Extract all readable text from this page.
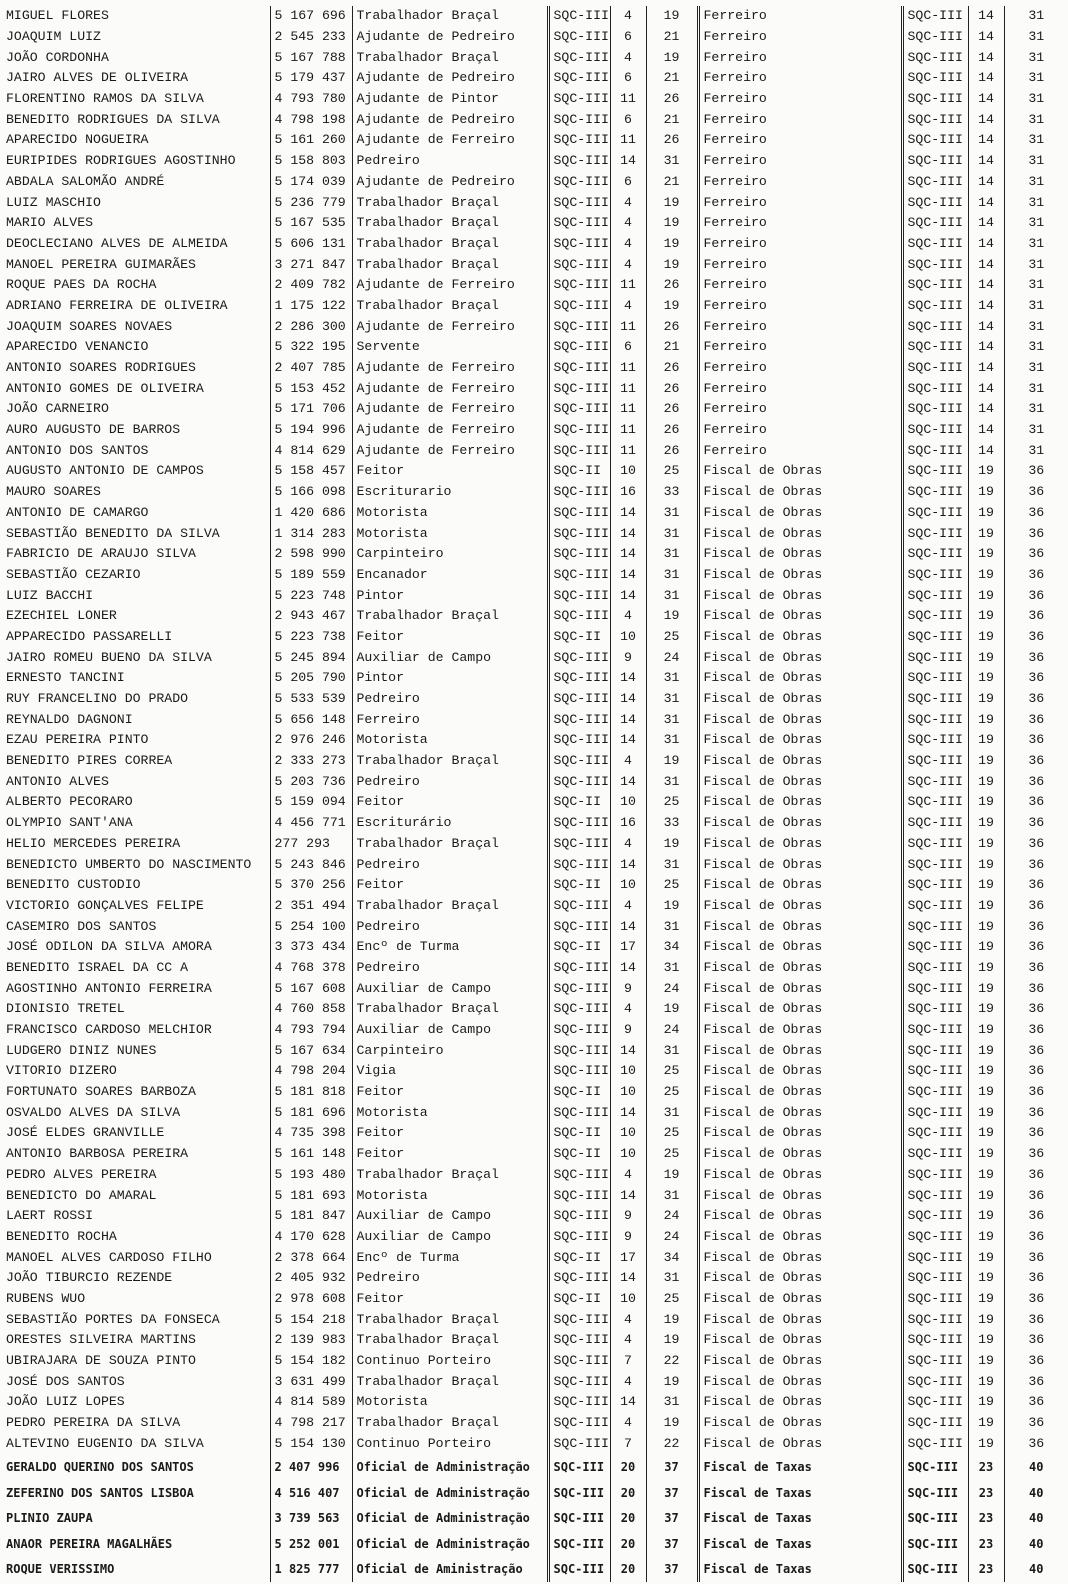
MIGUEL FLORES	5 167 696	Trabalhador Braçal	SQC-III	4	19	Ferreiro	SQC-III	14	31
JOAQUIM LUIZ	2 545 233	Ajudante de Pedreiro	SQC-III	6	21	Ferreiro	SQC-III	14	31
JOÃO CORDONHA	5 167 788	Trabalhador Braçal	SQC-III	4	19	Ferreiro	SQC-III	14	31
JAIRO ALVES DE OLIVEIRA	5 179 437	Ajudante de Pedreiro	SQC-III	6	21	Ferreiro	SQC-III	14	31
FLORENTINO RAMOS DA SILVA	4 793 780	Ajudante de Pintor	SQC-III	11	26	Ferreiro	SQC-III	14	31
BENEDITO RODRIGUES DA SILVA	4 798 198	Ajudante de Pedreiro	SQC-III	6	21	Ferreiro	SQC-III	14	31
APARECIDO NOGUEIRA	5 161 260	Ajudante de Ferreiro	SQC-III	11	26	Ferreiro	SQC-III	14	31
EURIPIDES RODRIGUES AGOSTINHO	5 158 803	Pedreiro	SQC-III	14	31	Ferreiro	SQC-III	14	31
ABDALA SALOMÃO ANDRÉ	5 174 039	Ajudante de Pedreiro	SQC-III	6	21	Ferreiro	SQC-III	14	31
LUIZ MASCHIO	5 236 779	Trabalhador Braçal	SQC-III	4	19	Ferreiro	SQC-III	14	31
MARIO ALVES	5 167 535	Trabalhador Braçal	SQC-III	4	19	Ferreiro	SQC-III	14	31
DEOCLECIANO ALVES DE ALMEIDA	5 606 131	Trabalhador Braçal	SQC-III	4	19	Ferreiro	SQC-III	14	31
MANOEL PEREIRA GUIMARÃES	3 271 847	Trabalhador Braçal	SQC-III	4	19	Ferreiro	SQC-III	14	31
ROQUE PAES DA ROCHA	2 409 782	Ajudante de Ferreiro	SQC-III	11	26	Ferreiro	SQC-III	14	31
ADRIANO FERREIRA DE OLIVEIRA	1 175 122	Trabalhador Braçal	SQC-III	4	19	Ferreiro	SQC-III	14	31
JOAQUIM SOARES NOVAES	2 286 300	Ajudante de Ferreiro	SQC-III	11	26	Ferreiro	SQC-III	14	31
APARECIDO VENANCIO	5 322 195	Servente	SQC-III	6	21	Ferreiro	SQC-III	14	31
ANTONIO SOARES RODRIGUES	2 407 785	Ajudante de Ferreiro	SQC-III	11	26	Ferreiro	SQC-III	14	31
ANTONIO GOMES DE OLIVEIRA	5 153 452	Ajudante de Ferreiro	SQC-III	11	26	Ferreiro	SQC-III	14	31
JOÃO CARNEIRO	5 171 706	Ajudante de Ferreiro	SQC-III	11	26	Ferreiro	SQC-III	14	31
AURO AUGUSTO DE BARROS	5 194 996	Ajudante de Ferreiro	SQC-III	11	26	Ferreiro	SQC-III	14	31
ANTONIO DOS SANTOS	4 814 629	Ajudante de Ferreiro	SQC-III	11	26	Ferreiro	SQC-III	14	31
AUGUSTO ANTONIO DE CAMPOS	5 158 457	Feitor	SQC-II	10	25	Fiscal de Obras	SQC-III	19	36
MAURO SOARES	5 166 098	Escriturario	SQC-III	16	33	Fiscal de Obras	SQC-III	19	36
ANTONIO DE CAMARGO	1 420 686	Motorista	SQC-III	14	31	Fiscal de Obras	SQC-III	19	36
SEBASTIÃO BENEDITO DA SILVA	1 314 283	Motorista	SQC-III	14	31	Fiscal de Obras	SQC-III	19	36
FABRICIO DE ARAUJO SILVA	2 598 990	Carpinteiro	SQC-III	14	31	Fiscal de Obras	SQC-III	19	36
SEBASTIÃO CEZARIO	5 189 559	Encanador	SQC-III	14	31	Fiscal de Obras	SQC-III	19	36
LUIZ BACCHI	5 223 748	Pintor	SQC-III	14	31	Fiscal de Obras	SQC-III	19	36
EZECHIEL LONER	2 943 467	Trabalhador Braçal	SQC-III	4	19	Fiscal de Obras	SQC-III	19	36
APPARECIDO PASSARELLI	5 223 738	Feitor	SQC-II	10	25	Fiscal de Obras	SQC-III	19	36
JAIRO ROMEU BUENO DA SILVA	5 245 894	Auxiliar de Campo	SQC-III	9	24	Fiscal de Obras	SQC-III	19	36
ERNESTO TANCINI	5 205 790	Pintor	SQC-III	14	31	Fiscal de Obras	SQC-III	19	36
RUY FRANCELINO DO PRADO	5 533 539	Pedreiro	SQC-III	14	31	Fiscal de Obras	SQC-III	19	36
REYNALDO DAGNONI	5 656 148	Ferreiro	SQC-III	14	31	Fiscal de Obras	SQC-III	19	36
EZAU PEREIRA PINTO	2 976 246	Motorista	SQC-III	14	31	Fiscal de Obras	SQC-III	19	36
BENEDITO PIRES CORREA	2 333 273	Trabalhador Braçal	SQC-III	4	19	Fiscal de Obras	SQC-III	19	36
ANTONIO ALVES	5 203 736	Pedreiro	SQC-III	14	31	Fiscal de Obras	SQC-III	19	36
ALBERTO PECORARO	5 159 094	Feitor	SQC-II	10	25	Fiscal de Obras	SQC-III	19	36
OLYMPIO SANT'ANA	4 456 771	Escriturário	SQC-III	16	33	Fiscal de Obras	SQC-III	19	36
HELIO MERCEDES PEREIRA	277 293	Trabalhador Braçal	SQC-III	4	19	Fiscal de Obras	SQC-III	19	36
BENEDICTO UMBERTO DO NASCIMENTO	5 243 846	Pedreiro	SQC-III	14	31	Fiscal de Obras	SQC-III	19	36
BENEDITO CUSTODIO	5 370 256	Feitor	SQC-II	10	25	Fiscal de Obras	SQC-III	19	36
VICTORIO GONÇALVES FELIPE	2 351 494	Trabalhador Braçal	SQC-III	4	19	Fiscal de Obras	SQC-III	19	36
CASEMIRO DOS SANTOS	5 254 100	Pedreiro	SQC-III	14	31	Fiscal de Obras	SQC-III	19	36
JOSÉ ODILON DA SILVA AMORA	3 373 434	Encº de Turma	SQC-II	17	34	Fiscal de Obras	SQC-III	19	36
BENEDITO ISRAEL DA CC A	4 768 378	Pedreiro	SQC-III	14	31	Fiscal de Obras	SQC-III	19	36
AGOSTINHO ANTONIO FERREIRA	5 167 608	Auxiliar de Campo	SQC-III	9	24	Fiscal de Obras	SQC-III	19	36
DIONISIO TRETEL	4 760 858	Trabalhador Braçal	SQC-III	4	19	Fiscal de Obras	SQC-III	19	36
FRANCISCO CARDOSO MELCHIOR	4 793 794	Auxiliar de Campo	SQC-III	9	24	Fiscal de Obras	SQC-III	19	36
LUDGERO DINIZ NUNES	5 167 634	Carpinteiro	SQC-III	14	31	Fiscal de Obras	SQC-III	19	36
VITORIO DIZERO	4 798 204	Vigia	SQC-III	10	25	Fiscal de Obras	SQC-III	19	36
FORTUNATO SOARES BARBOZA	5 181 818	Feitor	SQC-II	10	25	Fiscal de Obras	SQC-III	19	36
OSVALDO ALVES DA SILVA	5 181 696	Motorista	SQC-III	14	31	Fiscal de Obras	SQC-III	19	36
JOSÉ ELDES GRANVILLE	4 735 398	Feitor	SQC-II	10	25	Fiscal de Obras	SQC-III	19	36
ANTONIO BARBOSA PEREIRA	5 161 148	Feitor	SQC-II	10	25	Fiscal de Obras	SQC-III	19	36
PEDRO ALVES PEREIRA	5 193 480	Trabalhador Braçal	SQC-III	4	19	Fiscal de Obras	SQC-III	19	36
BENEDICTO DO AMARAL	5 181 693	Motorista	SQC-III	14	31	Fiscal de Obras	SQC-III	19	36
LAERT ROSSI	5 181 847	Auxiliar de Campo	SQC-III	9	24	Fiscal de Obras	SQC-III	19	36
BENEDITO ROCHA	4 170 628	Auxiliar de Campo	SQC-III	9	24	Fiscal de Obras	SQC-III	19	36
MANOEL ALVES CARDOSO FILHO	2 378 664	Encº de Turma	SQC-II	17	34	Fiscal de Obras	SQC-III	19	36
JOÃO TIBURCIO REZENDE	2 405 932	Pedreiro	SQC-III	14	31	Fiscal de Obras	SQC-III	19	36
RUBENS WUO	2 978 608	Feitor	SQC-II	10	25	Fiscal de Obras	SQC-III	19	36
SEBASTIÃO PORTES DA FONSECA	5 154 218	Trabalhador Braçal	SQC-III	4	19	Fiscal de Obras	SQC-III	19	36
ORESTES SILVEIRA MARTINS	2 139 983	Trabalhador Braçal	SQC-III	4	19	Fiscal de Obras	SQC-III	19	36
UBIRAJARA DE SOUZA PINTO	5 154 182	Continuo Porteiro	SQC-III	7	22	Fiscal de Obras	SQC-III	19	36
JOSÉ DOS SANTOS	3 631 499	Trabalhador Braçal	SQC-III	4	19	Fiscal de Obras	SQC-III	19	36
JOÃO LUIZ LOPES	4 814 589	Motorista	SQC-III	14	31	Fiscal de Obras	SQC-III	19	36
PEDRO PEREIRA DA SILVA	4 798 217	Trabalhador Braçal	SQC-III	4	19	Fiscal de Obras	SQC-III	19	36
ALTEVINO EUGENIO DA SILVA	5 154 130	Continuo Porteiro	SQC-III	7	22	Fiscal de Obras	SQC-III	19	36
GERALDO QUERINO DOS SANTOS	2 407 996	Oficial de Administração	SQC-III	20	37	Fiscal de Taxas	SQC-III	23	40
ZEFERINO DOS SANTOS LISBOA	4 516 407	Oficial de Administração	SQC-III	20	37	Fiscal de Taxas	SQC-III	23	40
PLINIO ZAUPA	3 739 563	Oficial de Administração	SQC-III	20	37	Fiscal de Taxas	SQC-III	23	40
ANAOR PEREIRA MAGALHÃES	5 252 001	Oficial de Administração	SQC-III	20	37	Fiscal de Taxas	SQC-III	23	40
ROQUE VERISSIMO	1 825 777	Oficial de Aministração	SQC-III	20	37	Fiscal de Taxas	SQC-III	23	40
